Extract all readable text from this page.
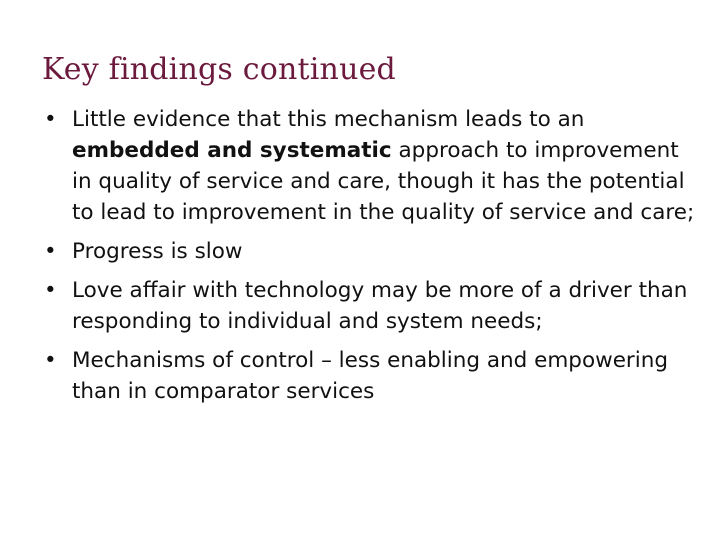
Key findings continued
• Little evidence that this mechanism leads to an embedded and systematic approach to improvement in quality of service and care, though it has the potential to lead to improvement in the quality of service and care;
• Progress is slow
• Love affair with technology may be more of a driver than responding to individual and system needs;
• Mechanisms of control – less enabling and empowering than in comparator services
